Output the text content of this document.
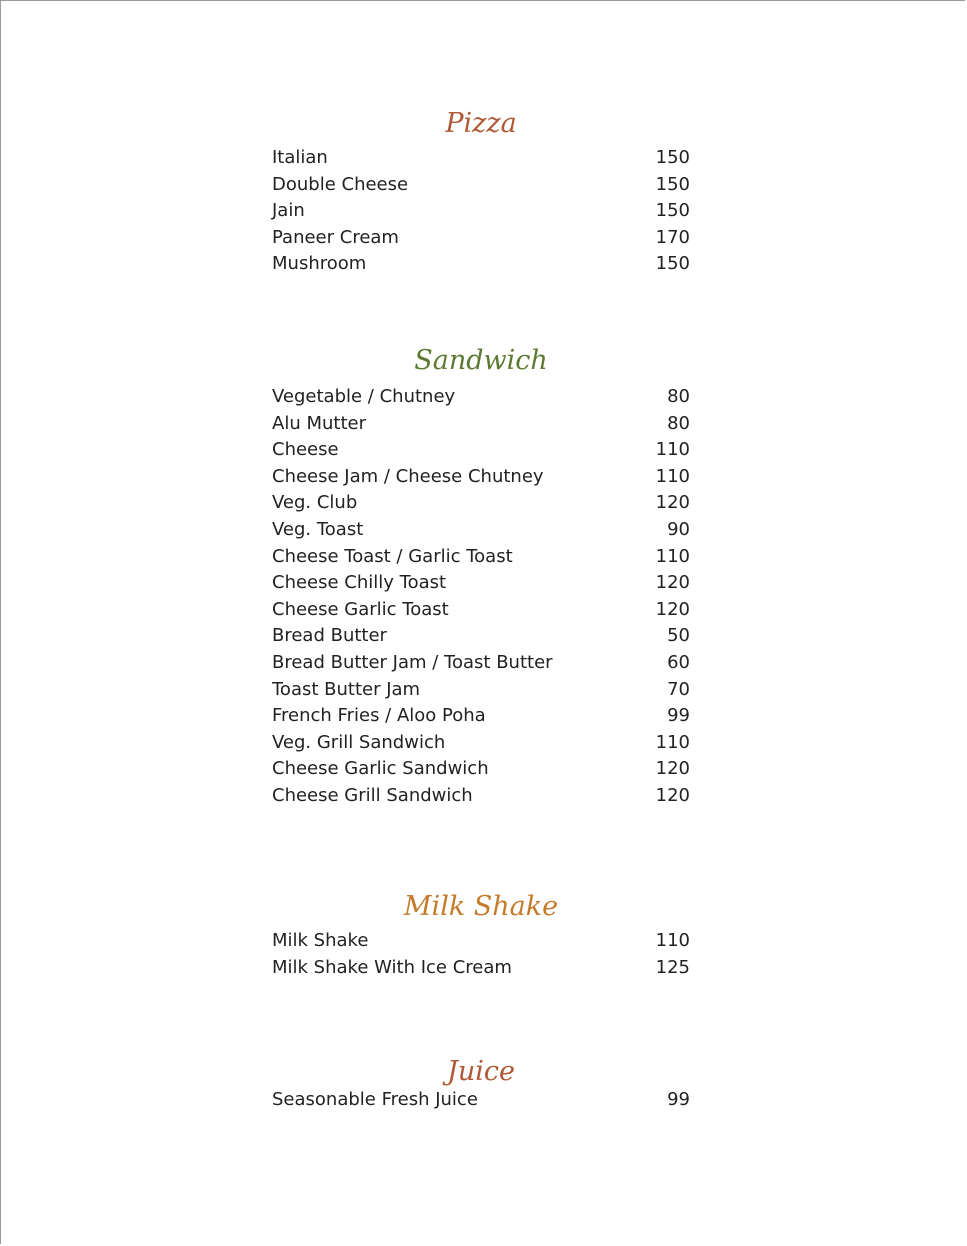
Pizza
Italian	150
Double Cheese	150
Jain	150
Paneer Cream	170
Mushroom	150
Sandwich
Vegetable / Chutney	80
Alu Mutter	80
Cheese	110
Cheese Jam / Cheese Chutney	110
Veg. Club	120
Veg. Toast	90
Cheese Toast / Garlic Toast	110
Cheese Chilly Toast	120
Cheese Garlic Toast	120
Bread Butter	50
Bread Butter Jam / Toast Butter	60
Toast Butter Jam	70
French Fries / Aloo Poha	99
Veg. Grill Sandwich	110
Cheese Garlic Sandwich	120
Cheese Grill Sandwich	120
Milk Shake
Milk Shake	110
Milk Shake With Ice Cream	125
Juice
Seasonable Fresh Juice	99
